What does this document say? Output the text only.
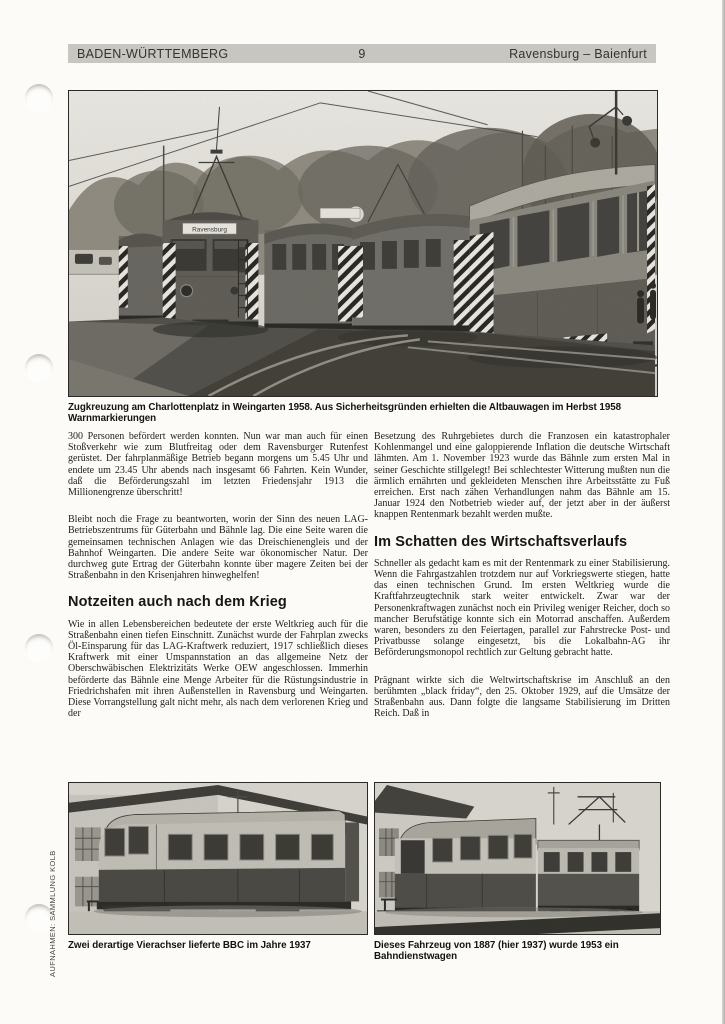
9
BADEN-WÜRTTEMBERG	Ravensburg – Baienfurt
Ravensburg
Zugkreuzung am Charlottenplatz in Weingarten 1958. Aus Sicherheitsgründen erhielten die Altbauwagen im Herbst 1958 Warnmarkierungen

300 Personen befördert werden konnten. Nun war man auch für einen Stoßverkehr wie zum Blutfreitag oder dem Ravensburger Rutenfest gerüstet. Der fahrplanmäßige Betrieb begann morgens um 5.45 Uhr und endete um 23.45 Uhr abends nach insgesamt 66 Fahrten. Kein Wunder, daß die Beförderungszahl im letzten Friedensjahr 1913 die Millionengrenze überschritt!

Bleibt noch die Frage zu beantworten, worin der Sinn des neuen LAG-Betriebszentrums für Güterbahn und Bähnle lag. Die eine Seite waren die gemeinsamen technischen Anlagen wie das Dreischienengleis und der Bahnhof Weingarten. Die andere Seite war ökonomischer Natur. Der durchweg gute Ertrag der Güterbahn konnte über magere Zeiten bei der Straßenbahn in den Krisenjahren hinweghelfen!

Notzeiten auch nach dem Krieg

Wie in allen Lebensbereichen bedeutete der erste Weltkrieg auch für die Straßenbahn einen tiefen Einschnitt. Zunächst wurde der Fahrplan zwecks Öl-Einsparung für das LAG-Kraftwerk reduziert, 1917 schließlich dieses Kraftwerk mit einer Umspannstation an das allgemeine Netz der Oberschwäbischen Elektrizitäts Werke OEW angeschlossen. Immerhin beförderte das Bähnle eine Menge Arbeiter für die Rüstungsindustrie in Friedrichshafen mit ihren Außenstellen in Ravensburg und Weingarten. Diese Vorrangstellung galt nicht mehr, als nach dem verlorenen Krieg und der

Besetzung des Ruhrgebietes durch die Franzosen ein katastrophaler Kohlenmangel und eine galoppierende Inflation die deutsche Wirtschaft lähmten. Am 1. November 1923 wurde das Bähnle zum ersten Mal in seiner Geschichte stillgelegt! Bei schlechtester Witterung mußten nun die ärmlich ernährten und gekleideten Menschen ihre Arbeitsstätte zu Fuß erreichen. Erst nach zähen Verhandlungen nahm das Bähnle am 15. Januar 1924 den Notbetrieb wieder auf, der jetzt aber in der äußerst knappen Rentenmark bezahlt werden mußte.

Im Schatten des Wirtschaftsverlaufs

Schneller als gedacht kam es mit der Rentenmark zu einer Stabilisierung. Wenn die Fahrgastzahlen trotzdem nur auf Vorkriegswerte stiegen, hatte das einen technischen Grund. Im ersten Weltkrieg wurde die Kraftfahrzeugtechnik stark weiter entwickelt. Zwar war der Personenkraftwagen zunächst noch ein Privileg weniger Reicher, doch so mancher Berufstätige konnte sich ein Motorrad anschaffen. Außerdem waren, besonders zu den Feiertagen, parallel zur Fahrstrecke Post- und Privatbusse solange eingesetzt, bis die Lokalbahn-AG ihr Beförderungsmonopol rechtlich zur Geltung gebracht hatte.

Prägnant wirkte sich die Weltwirtschaftskrise im Anschluß an den berühmten „black friday“, den 25. Oktober 1929, auf die Umsätze der Straßenbahn aus. Dann folgte die langsame Stabilisierung im Dritten Reich. Daß in

Zwei derartige Vierachser lieferte BBC im Jahre 1937	Dieses Fahrzeug von 1887 (hier 1937) wurde 1953 ein Bahndienstwagen
AUFNAHMEN: SAMMLUNG KOLB
